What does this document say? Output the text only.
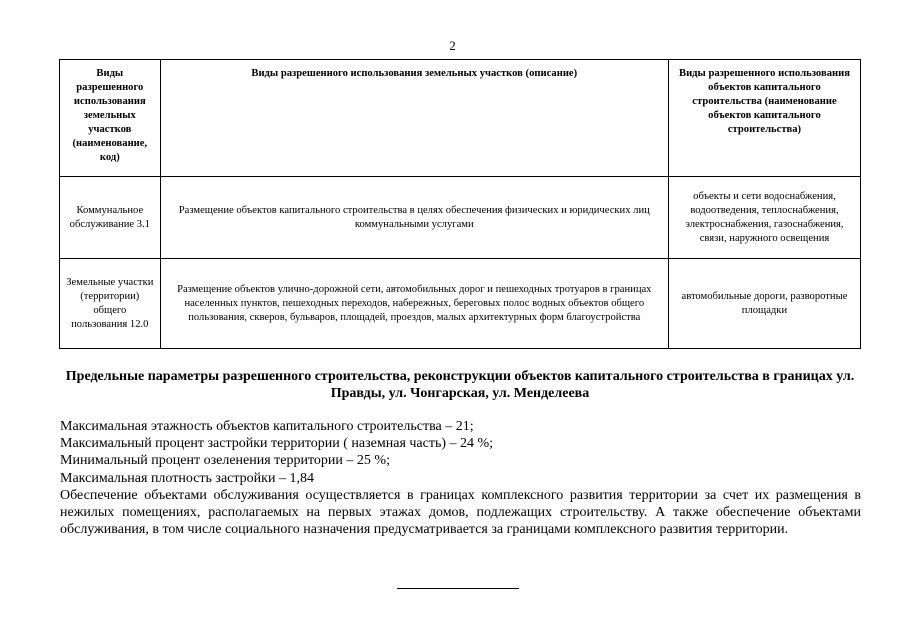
2
Виды разрешенного использования земельных участков (наименование, код)	Виды разрешенного использования земельных участков (описание)	Виды разрешенного использования объектов капитального строительства (наименование объектов капитального строительства)
Коммунальное обслуживание 3.1	Размещение объектов капитального строительства в целях обеспечения физических и юридических лиц коммунальными услугами	объекты и сети водоснабжения, водоотведения, теплоснабжения, электроснабжения, газоснабжения, связи, наружного освещения
Земельные участки (территории) общего пользования 12.0	Размещение объектов улично-дорожной сети, автомобильных дорог и пешеходных тротуаров в границах населенных пунктов, пешеходных переходов, набережных, береговых полос водных объектов общего пользования, скверов, бульваров, площадей, проездов, малых архитектурных форм благоустройства	автомобильные дороги, разворотные площадки
Предельные параметры разрешенного строительства, реконструкции объектов капитального строительства в границах ул. Правды, ул. Чонгарская, ул. Менделеева
Максимальная этажность объектов капитального строительства – 21;
Максимальный процент застройки территории ( наземная часть) – 24 %;
Минимальный процент озеленения территории – 25 %;
Максимальная плотность застройки – 1,84
Обеспечение объектами обслуживания осуществляется в границах комплексного развития территории за счет их размещения в нежилых помещениях, располагаемых на первых этажах домов, подлежащих строительству. А также обеспечение объектами обслуживания, в том числе социального назначения предусматривается за границами комплексного развития территории.
